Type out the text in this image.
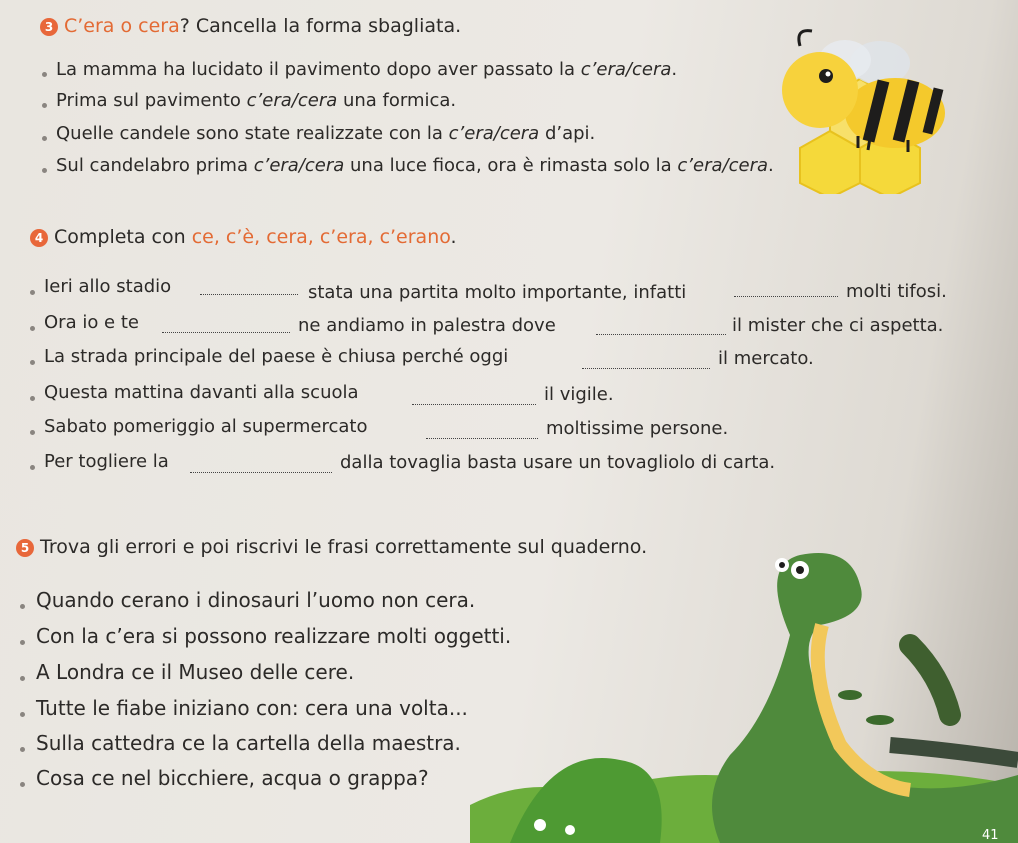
3 C’era o cera? Cancella la forma sbagliata.
La mamma ha lucidato il pavimento dopo aver passato la c’era/cera.
Prima sul pavimento c’era/cera una formica.
Quelle candele sono state realizzate con la c’era/cera d’api.
Sul candelabro prima c’era/cera una luce fioca, ora è rimasta solo la c’era/cera.
4 Completa con ce, c’è, cera, c’era, c’erano.
Ieri allo stadio	stata una partita molto importante, infatti	molti tifosi.
Ora io e te	ne andiamo in palestra dove	il mister che ci aspetta.
La strada principale del paese è chiusa perché oggi	il mercato.
Questa mattina davanti alla scuola	il vigile.
Sabato pomeriggio al supermercato	moltissime persone.
Per togliere la	dalla tovaglia basta usare un tovagliolo di carta.
5 Trova gli errori e poi riscrivi le frasi correttamente sul quaderno.
Quando cerano i dinosauri l’uomo non cera.
Con la c’era si possono realizzare molti oggetti.
A Londra ce il Museo delle cere.
Tutte le fiabe iniziano con: cera una volta...
Sulla cattedra ce la cartella della maestra.
Cosa ce nel bicchiere, acqua o grappa?
41
